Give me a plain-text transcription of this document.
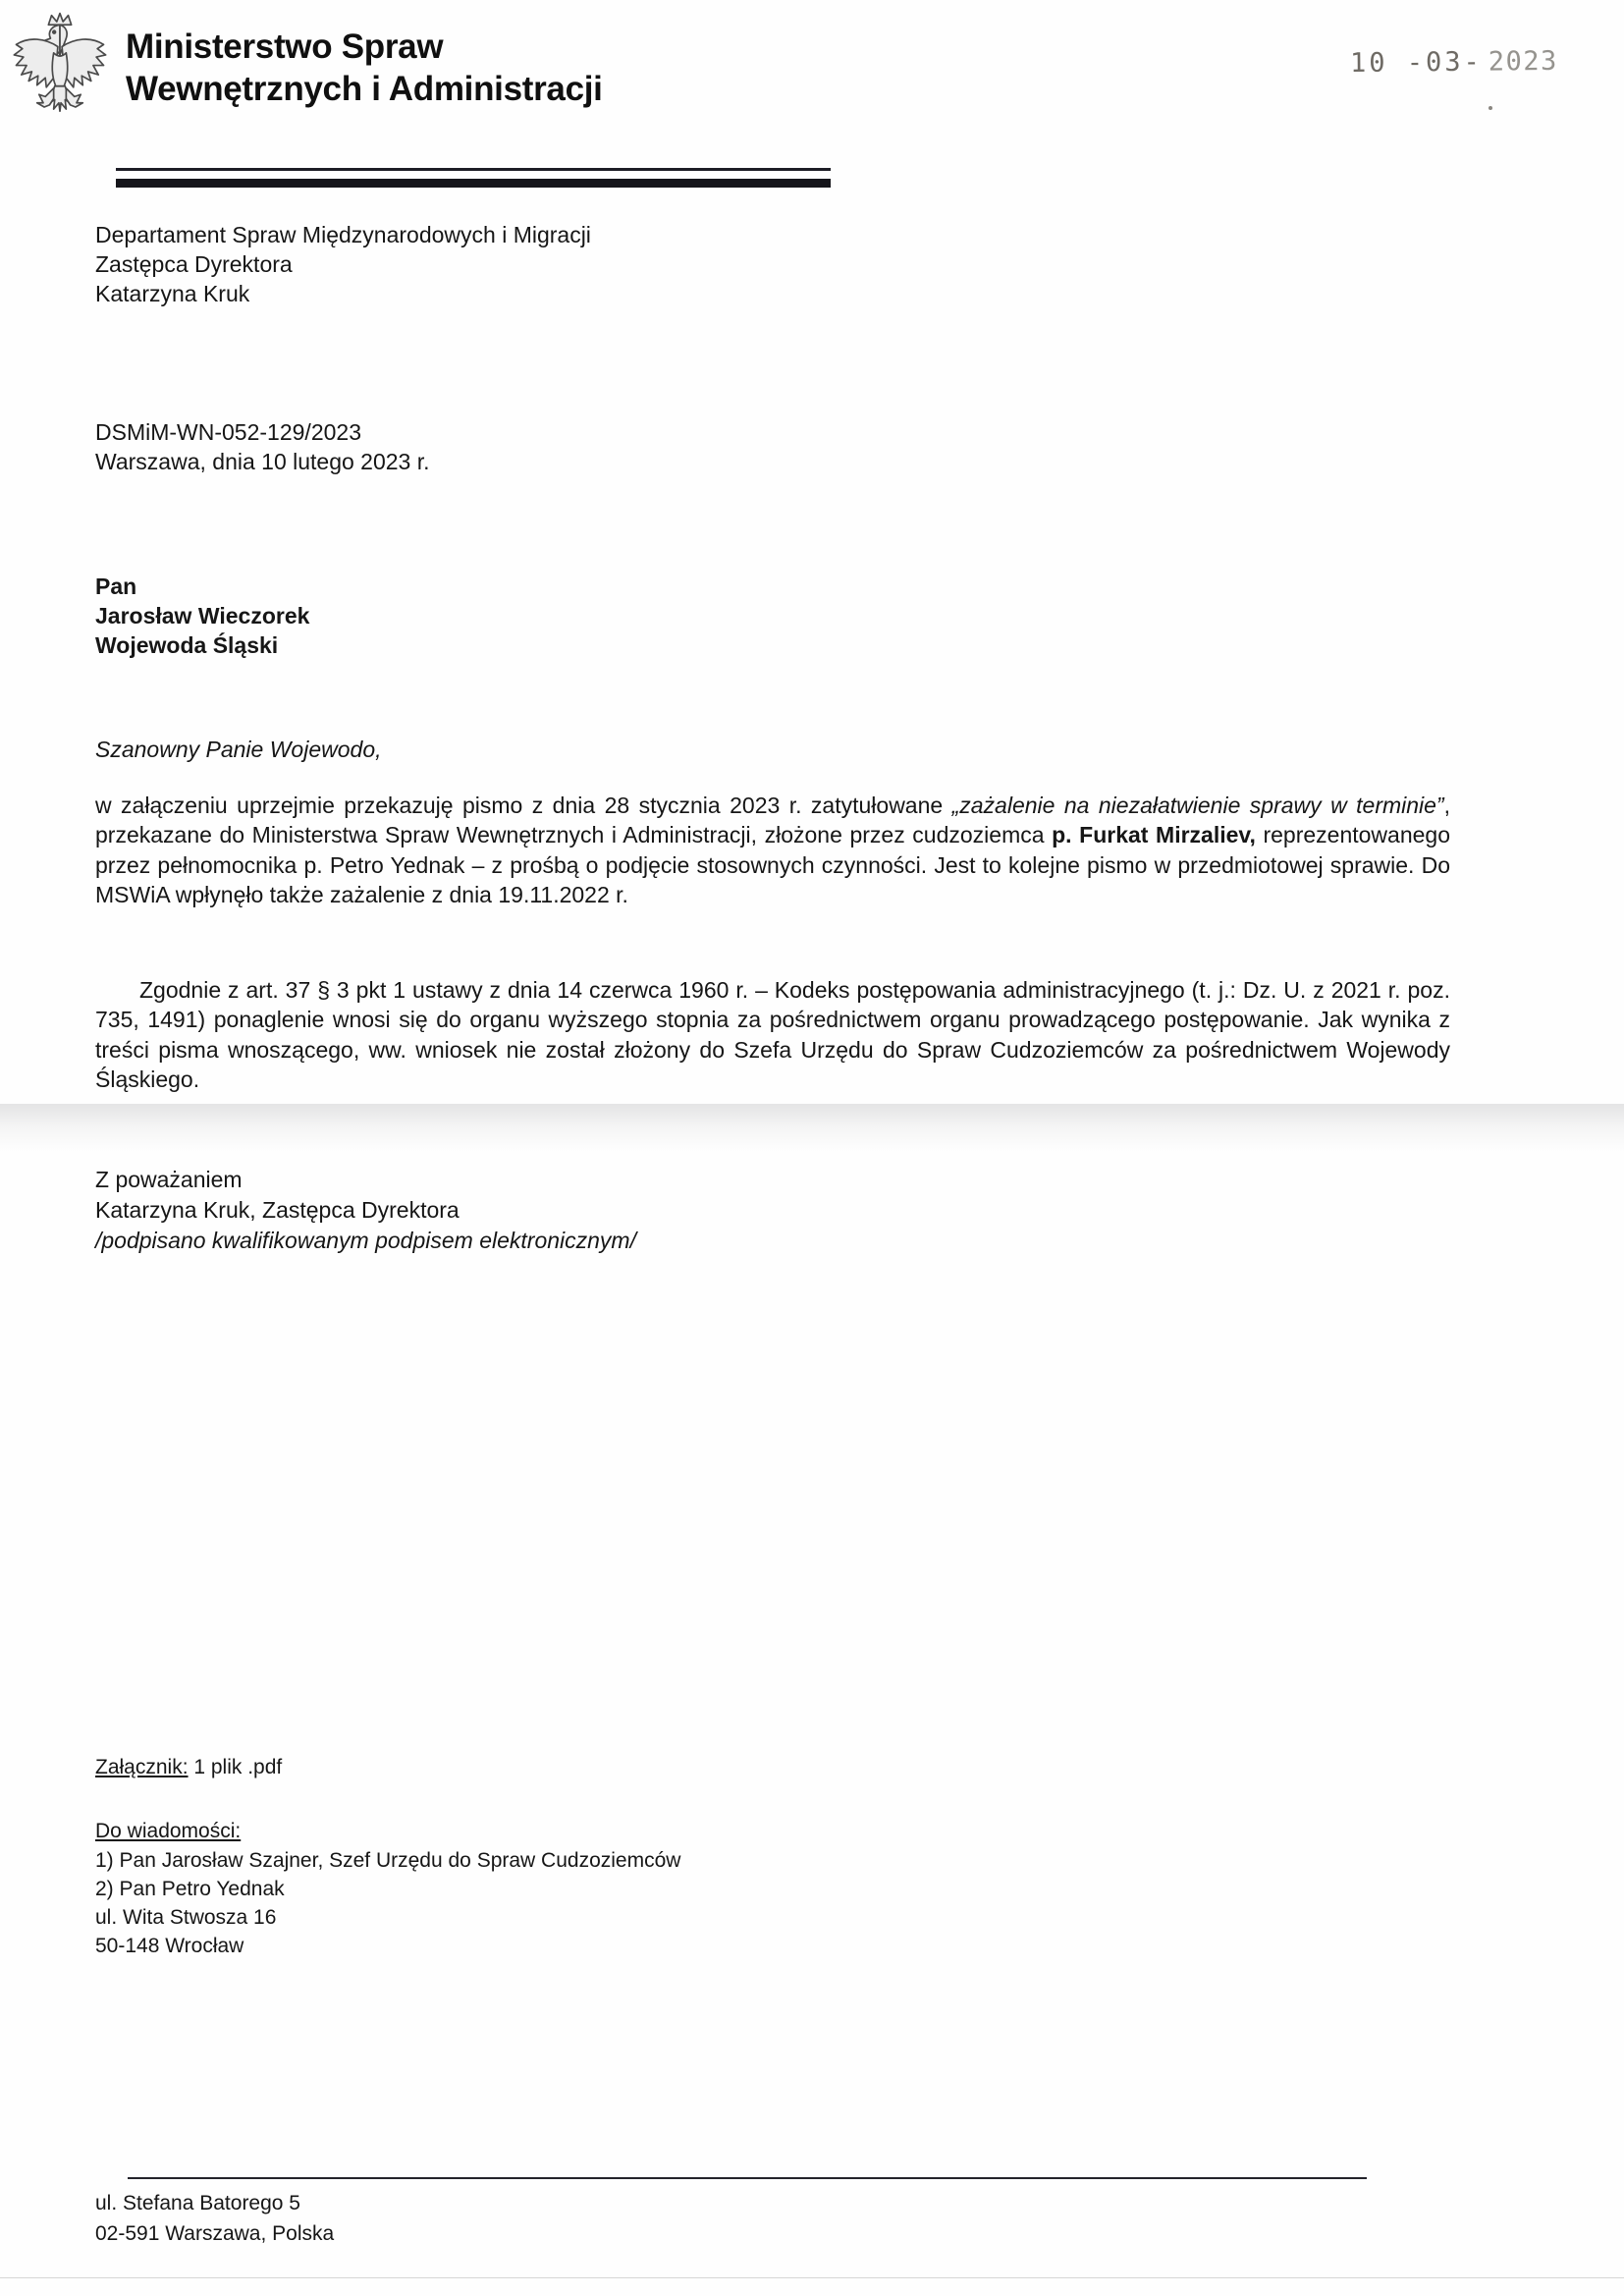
Ministerstwo Spraw
Wewnętrznych i Administracji
10 -03- 2023
Departament Spraw Międzynarodowych i Migracji
Zastępca Dyrektora
Katarzyna Kruk
DSMiM-WN-052-129/2023
Warszawa, dnia 10 lutego 2023 r.
Pan
Jarosław Wieczorek
Wojewoda Śląski
Szanowny Panie Wojewodo,

w załączeniu uprzejmie przekazuję pismo z dnia 28 stycznia 2023 r. zatytułowane „zażalenie na niezałatwienie sprawy w terminie”, przekazane do Ministerstwa Spraw Wewnętrznych i Administracji, złożone przez cudzoziemca p. Furkat Mirzaliev, reprezentowanego przez pełnomocnika p. Petro Yednak – z prośbą o podjęcie stosownych czynności. Jest to kolejne pismo w przedmiotowej sprawie. Do MSWiA wpłynęło także zażalenie z dnia 19.11.2022 r.

Zgodnie z art. 37 § 3 pkt 1 ustawy z dnia 14 czerwca 1960 r. – Kodeks postępowania administracyjnego (t. j.: Dz. U. z 2021 r. poz. 735, 1491) ponaglenie wnosi się do organu wyższego stopnia za pośrednictwem organu prowadzącego postępowanie. Jak wynika z treści pisma wnoszącego, ww. wniosek nie został złożony do Szefa Urzędu do Spraw Cudzoziemców za pośrednictwem Wojewody Śląskiego.

Z poważaniem
Katarzyna Kruk, Zastępca Dyrektora
/podpisano kwalifikowanym podpisem elektronicznym/
Załącznik: 1 plik .pdf
Do wiadomości:
1) Pan Jarosław Szajner, Szef Urzędu do Spraw Cudzoziemców
2) Pan Petro Yednak
ul. Wita Stwosza 16
50-148 Wrocław
ul. Stefana Batorego 5
02-591 Warszawa, Polska
